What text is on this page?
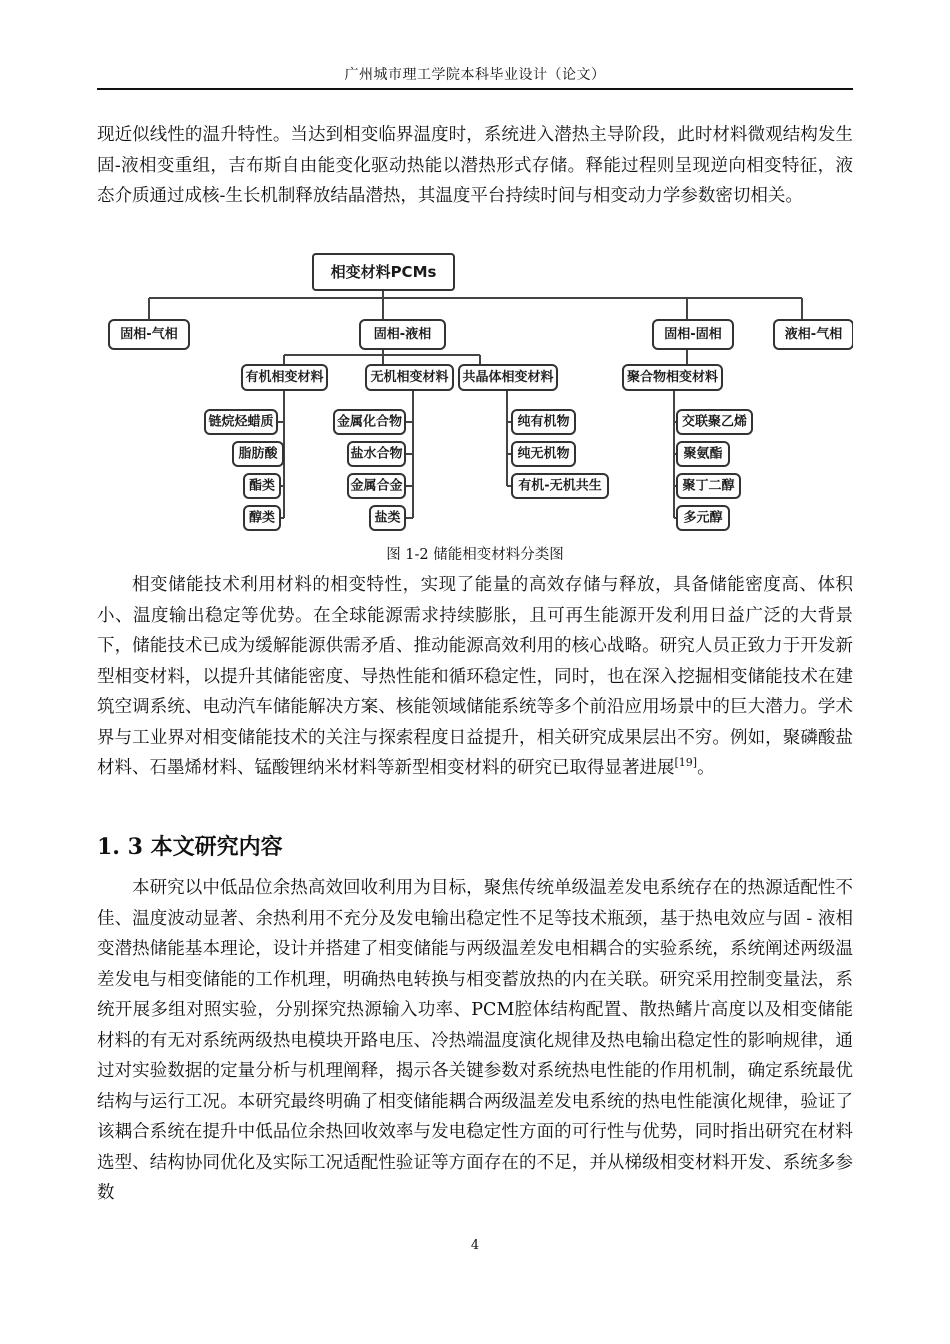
广州城市理工学院本科毕业设计（论文）

现近似线性的温升特性。当达到相变临界温度时，系统进入潜热主导阶段，此时材料微观结构发生固-液相变重组，吉布斯自由能变化驱动热能以潜热形式存储。释能过程则呈现逆向相变特征，液态介质通过成核-生长机制释放结晶潜热，其温度平台持续时间与相变动力学参数密切相关。

相变材料PCMs
固相-气相	固相-液相	固相-固相	液相-气相
有机相变材料	无机相变材料 共晶体相变材料	聚合物相变材料
链烷烃蜡质
脂肪酸
酯类
醇类
金属化合物
盐水合物
金属合金
盐类
纯有机物
纯无机物
有机-无机共生
交联聚乙烯
聚氨酯
聚丁二醇
多元醇
图 1-2 储能相变材料分类图

相变储能技术利用材料的相变特性，实现了能量的高效存储与释放，具备储能密度高、体积小、温度输出稳定等优势。在全球能源需求持续膨胀，且可再生能源开发利用日益广泛的大背景下，储能技术已成为缓解能源供需矛盾、推动能源高效利用的核心战略。研究人员正致力于开发新型相变材料，以提升其储能密度、导热性能和循环稳定性，同时，也在深入挖掘相变储能技术在建筑空调系统、电动汽车储能解决方案、核能领域储能系统等多个前沿应用场景中的巨大潜力。学术界与工业界对相变储能技术的关注与探索程度日益提升，相关研究成果层出不穷。例如，聚磷酸盐材料、石墨烯材料、锰酸锂纳米材料等新型相变材料的研究已取得显著进展[19]。

1. 3 本文研究内容

本研究以中低品位余热高效回收利用为目标，聚焦传统单级温差发电系统存在的热源适配性不佳、温度波动显著、余热利用不充分及发电输出稳定性不足等技术瓶颈，基于热电效应与固 - 液相变潜热储能基本理论，设计并搭建了相变储能与两级温差发电相耦合的实验系统，系统阐述两级温差发电与相变储能的工作机理，明确热电转换与相变蓄放热的内在关联。研究采用控制变量法，系统开展多组对照实验，分别探究热源输入功率、PCM腔体结构配置、散热鳍片高度以及相变储能材料的有无对系统两级热电模块开路电压、冷热端温度演化规律及热电输出稳定性的影响规律，通过对实验数据的定量分析与机理阐释，揭示各关键参数对系统热电性能的作用机制，确定系统最优结构与运行工况。本研究最终明确了相变储能耦合两级温差发电系统的热电性能演化规律，验证了该耦合系统在提升中低品位余热回收效率与发电稳定性方面的可行性与优势，同时指出研究在材料选型、结构协同优化及实际工况适配性验证等方面存在的不足，并从梯级相变材料开发、系统多参数

4
